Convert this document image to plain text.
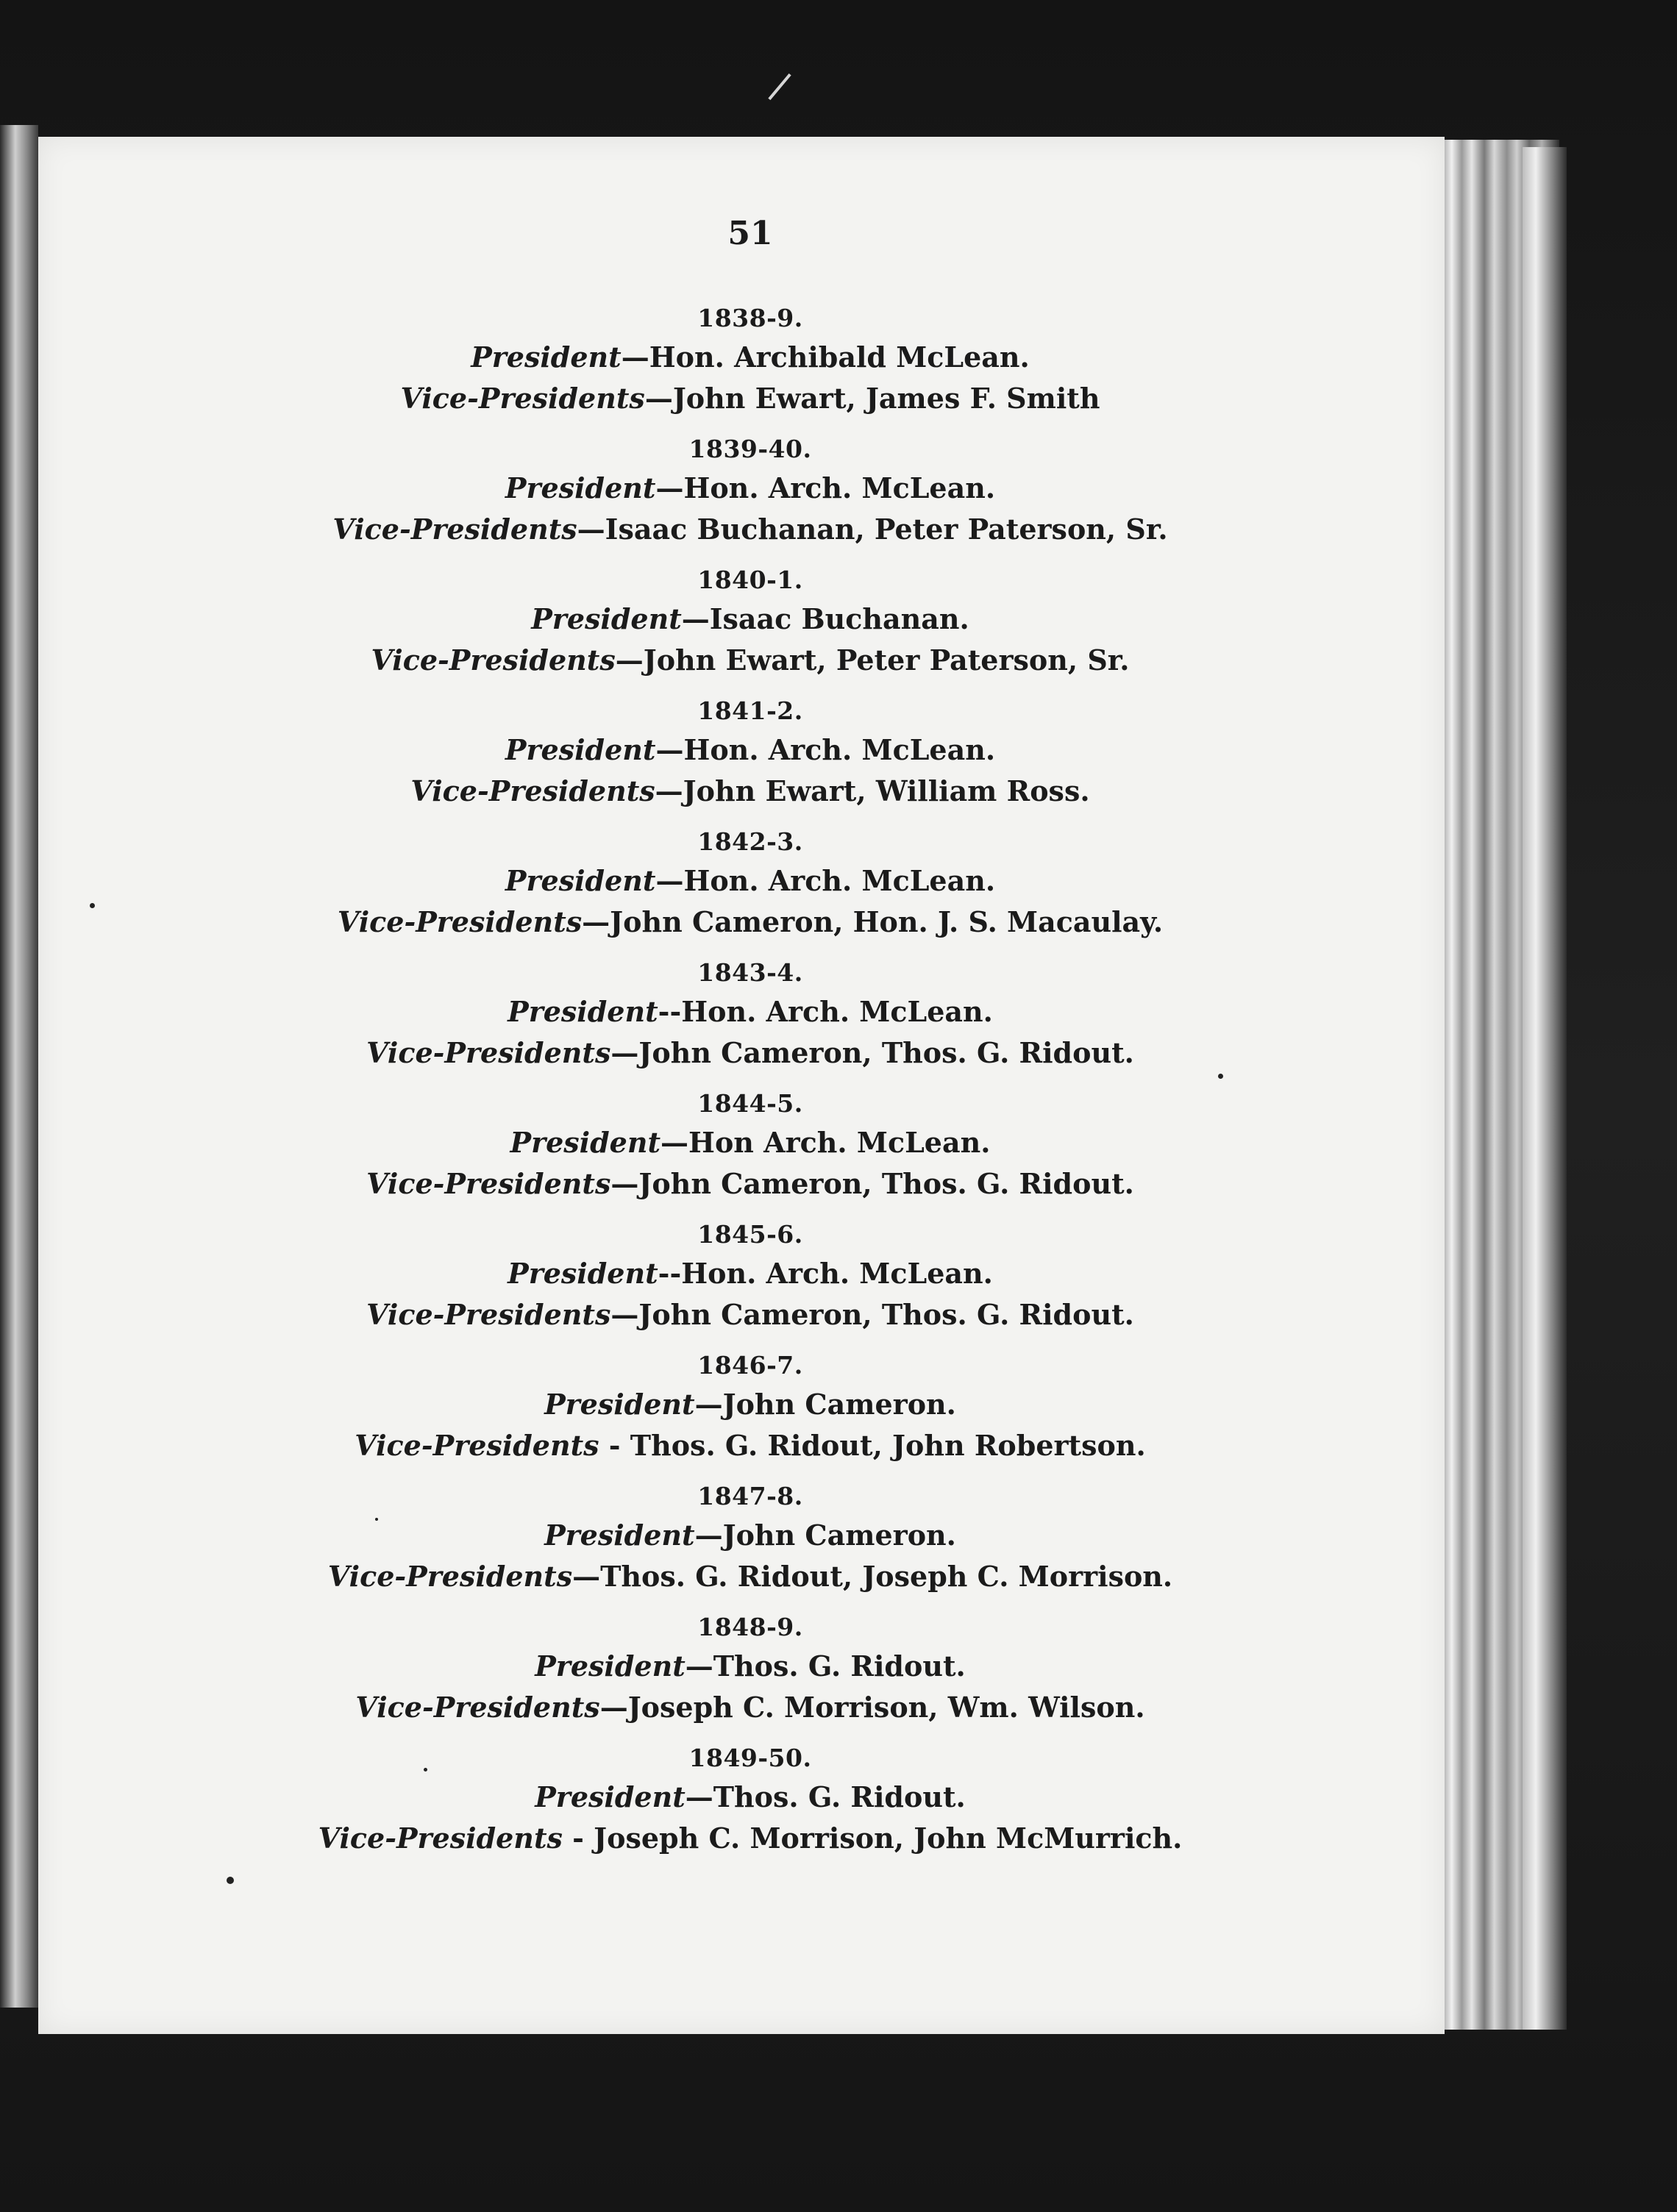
51
1838-9.
President—Hon. Archibald McLean.
Vice-Presidents—John Ewart, James F. Smith
1839-40.
President—Hon. Arch. McLean.
Vice-Presidents—Isaac Buchanan, Peter Paterson, Sr.
1840-1.
President—Isaac Buchanan.
Vice-Presidents—John Ewart, Peter Paterson, Sr.
1841-2.
President—Hon. Arch. McLean.
Vice-Presidents—John Ewart, William Ross.
1842-3.
President—Hon. Arch. McLean.
Vice-Presidents—John Cameron, Hon. J. S. Macaulay.
1843-4.
President--Hon. Arch. McLean.
Vice-Presidents—John Cameron, Thos. G. Ridout.
1844-5.
President—Hon Arch. McLean.
Vice-Presidents—John Cameron, Thos. G. Ridout.
1845-6.
President--Hon. Arch. McLean.
Vice-Presidents—John Cameron, Thos. G. Ridout.
1846-7.
President—John Cameron.
Vice-Presidents - Thos. G. Ridout, John Robertson.
1847-8.
President—John Cameron.
Vice-Presidents—Thos. G. Ridout, Joseph C. Morrison.
1848-9.
President—Thos. G. Ridout.
Vice-Presidents—Joseph C. Morrison, Wm. Wilson.
1849-50.
President—Thos. G. Ridout.
Vice-Presidents - Joseph C. Morrison, John McMurrich.
